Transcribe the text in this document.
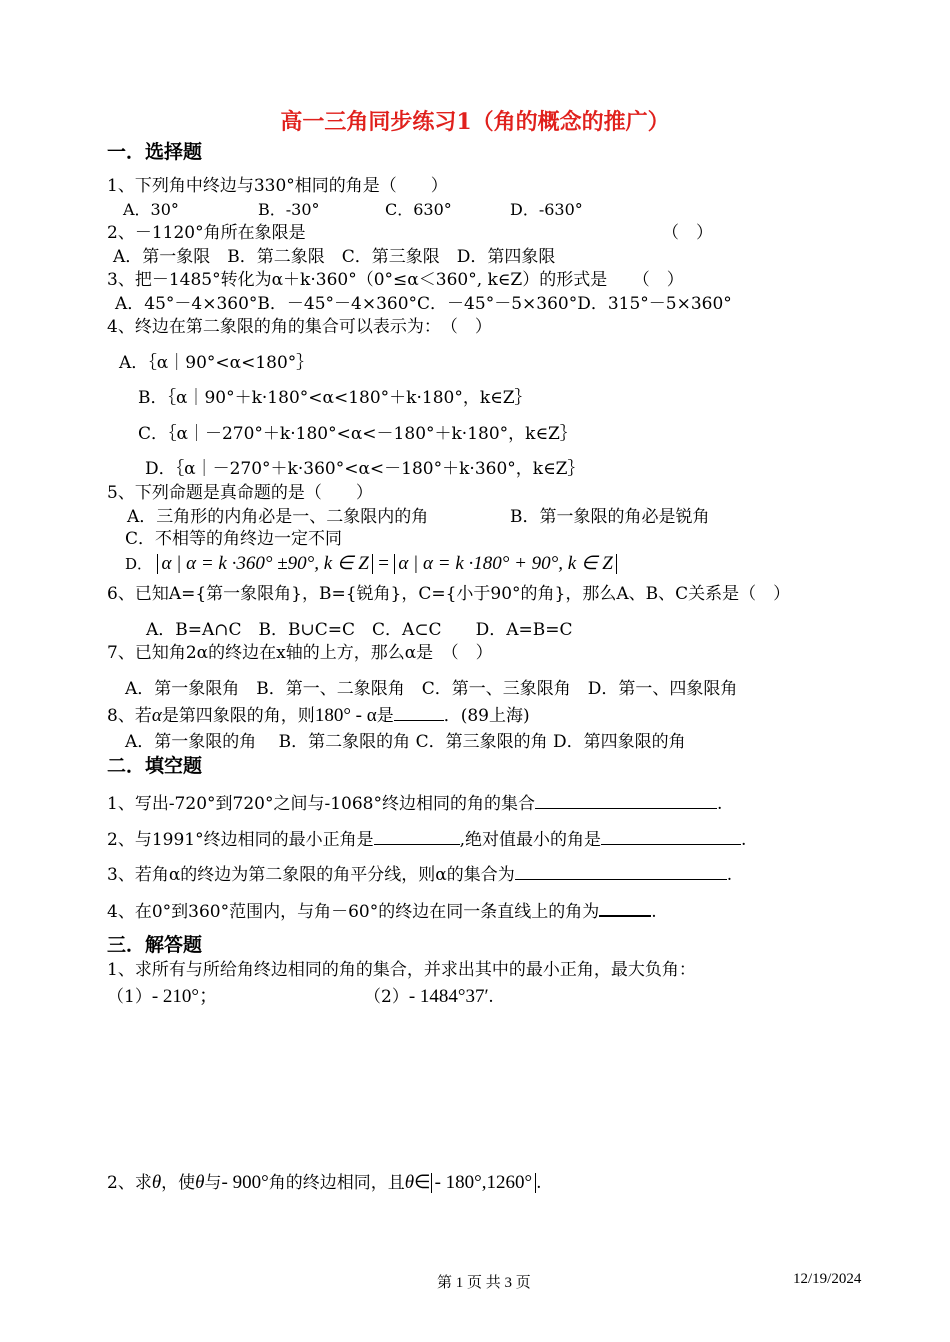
高一三角同步练习1（角的概念的推广）
一．选择题
1、下列角中终边与330°相同的角是（　　）
A．30°	B．-30°	C．630°	D．-630°
2、－1120°角所在象限是	（　）
A．第一象限　B．第二象限　C．第三象限　D．第四象限
3、把－1485°转化为α＋k·360°（0°≤α＜360°, k∈Z）的形式是　　（　）
A．45°－4×360°B．－45°－4×360°C．－45°－5×360°D．315°－5×360°
4、终边在第二象限的角的集合可以表示为：　（　）
A．｛α｜90°<α<180°｝
B．｛α｜90°＋k·180°<α<180°＋k·180°，k∈Z｝
C．｛α｜－270°＋k·180°<α<－180°＋k·180°，k∈Z｝
D．｛α｜－270°＋k·360°<α<－180°＋k·360°，k∈Z｝
5、下列命题是真命题的是（　　）
A．三角形的内角必是一、二象限内的角	B．第一象限的角必是锐角
C．不相等的角终边一定不同
D． α | α = k ·360° ±90°, k ∈ Z = α | α = k ·180° + 90°, k ∈ Z
6、已知A={第一象限角}，B={锐角}，C={小于90°的角}，那么A、B、C关系是（　）
A．B=A∩C　B．B∪C=C　C．A⊂C　　D．A=B=C
7、已知角2α的终边在x轴的上方，那么α是　（　）
A．第一象限角　B．第一、二象限角　C．第一、三象限角　D．第一、四象限角
8、若α是第四象限的角，则180° - α是	．(89上海)
A．第一象限的角　 B．第二象限的角 C．第三象限的角 D．第四象限的角
二．填空题
1、写出-720°到720°之间与-1068°终边相同的角的集合	.
2、与1991°终边相同的最小正角是	,绝对值最小的角是	.
3、若角α的终边为第二象限的角平分线，则α的集合为	.
4、在0°到360°范围内，与角－60°的终边在同一条直线上的角为	.
三．解答题
1、求所有与所给角终边相同的角的集合，并求出其中的最小正角，最大负角：
（1）- 210°；	（2）- 1484°37′.
2、求θ，使θ与- 900°角的终边相同，且θ∈ - 180°,1260° .
第 1 页 共 3 页	12/19/2024
